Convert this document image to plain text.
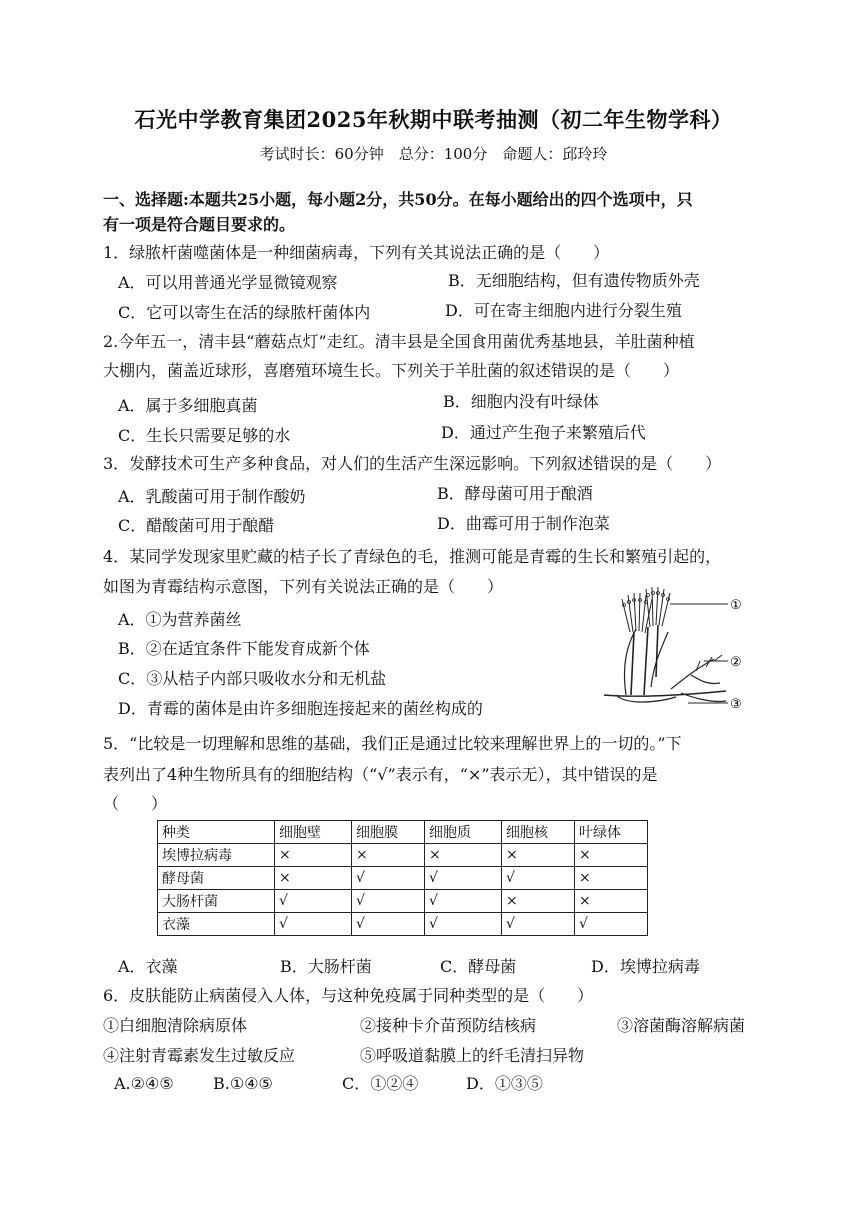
石光中学教育集团2025年秋期中联考抽测（初二年生物学科）
考试时长：60分钟　总分：100分　命题人：邱玲玲
一、选择题:本题共25小题，每小题2分，共50分。在每小题给出的四个选项中，只
有一项是符合题目要求的。
1．绿脓杆菌噬菌体是一种细菌病毒，下列有关其说法正确的是（　　）
A．可以用普通光学显微镜观察	B．无细胞结构，但有遗传物质外壳
C．它可以寄生在活的绿脓杆菌体内	D．可在寄主细胞内进行分裂生殖
2.今年五一，清丰县“蘑菇点灯”走红。清丰县是全国食用菌优秀基地县，羊肚菌种植
大棚内，菌盖近球形，喜磨殖环境生长。下列关于羊肚菌的叙述错误的是（　　）
A．属于多细胞真菌	B．细胞内没有叶绿体
C．生长只需要足够的水	D．通过产生孢子来繁殖后代
3．发酵技术可生产多种食品，对人们的生活产生深远影响。下列叙述错误的是（　　）
A．乳酸菌可用于制作酸奶	B．酵母菌可用于酿酒
C．醋酸菌可用于酿醋	D．曲霉可用于制作泡菜
4．某同学发现家里贮藏的桔子长了青绿色的毛，推测可能是青霉的生长和繁殖引起的，
如图为青霉结构示意图，下列有关说法正确的是（　　）
A．①为营养菌丝
B．②在适宜条件下能发育成新个体
C．③从桔子内部只吸收水分和无机盐
D．青霉的菌体是由许多细胞连接起来的菌丝构成的
①
②
③
5．“比较是一切理解和思维的基础，我们正是通过比较来理解世界上的一切的。”下
表列出了4种生物所具有的细胞结构（“√”表示有，“×”表示无），其中错误的是
（　　）
种类	细胞壁	细胞膜	细胞质	细胞核	叶绿体
埃博拉病毒	×	×	×	×	×
酵母菌	×	√	√	√	×
大肠杆菌	√	√	√	×	×
衣藻	√	√	√	√	√
A．衣藻	B．大肠杆菌	C．酵母菌	D．埃博拉病毒
6．皮肤能防止病菌侵入人体，与这种免疫属于同种类型的是（　　）
①白细胞清除病原体	②接种卡介苗预防结核病	③溶菌酶溶解病菌
④注射青霉素发生过敏反应	⑤呼吸道黏膜上的纤毛清扫异物
A.②④⑤ B.①④⑤	C．①②④	D．①③⑤
